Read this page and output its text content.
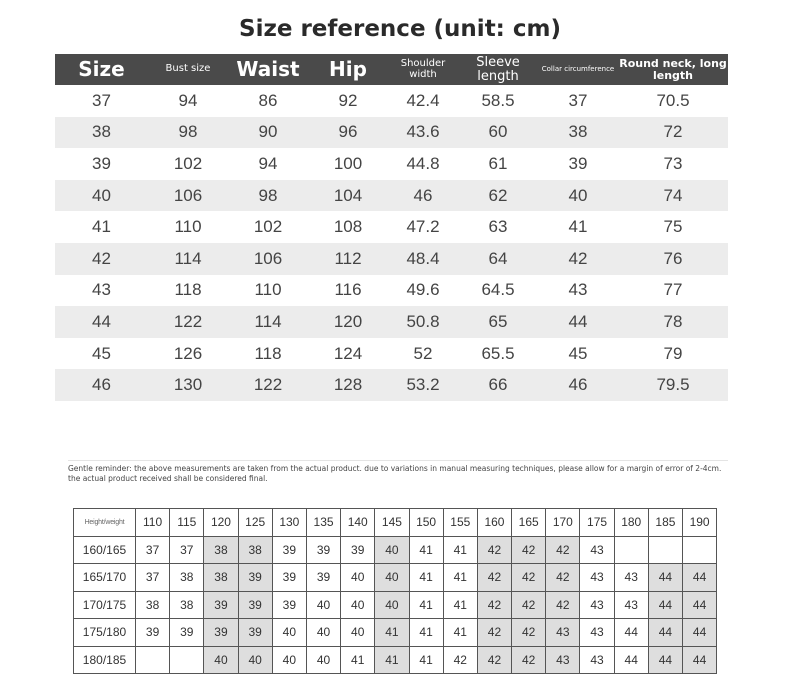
Size reference (unit: cm)
Size	Bust size	Waist	Hip	Shoulder width	Sleeve length	Collar circumference	Round neck, long length
37	94	86	92	42.4	58.5	37	70.5
38	98	90	96	43.6	60	38	72
39	102	94	100	44.8	61	39	73
40	106	98	104	46	62	40	74
41	110	102	108	47.2	63	41	75
42	114	106	112	48.4	64	42	76
43	118	110	116	49.6	64.5	43	77
44	122	114	120	50.8	65	44	78
45	126	118	124	52	65.5	45	79
46	130	122	128	53.2	66	46	79.5
Gentle reminder: the above measurements are taken from the actual product. due to variations in manual measuring techniques, please allow for a margin of error of 2-4cm. the actual product received shall be considered final.
Height/weight	110	115	120	125	130	135	140	145	150	155	160	165	170	175	180	185	190
160/165	37	37	38	38	39	39	39	40	41	41	42	42	42	43			
165/170	37	38	38	39	39	39	40	40	41	41	42	42	42	43	43	44	44
170/175	38	38	39	39	39	40	40	40	41	41	42	42	42	43	43	44	44
175/180	39	39	39	39	40	40	40	41	41	41	42	42	43	43	44	44	44
180/185			40	40	40	40	41	41	41	42	42	42	43	43	44	44	44
